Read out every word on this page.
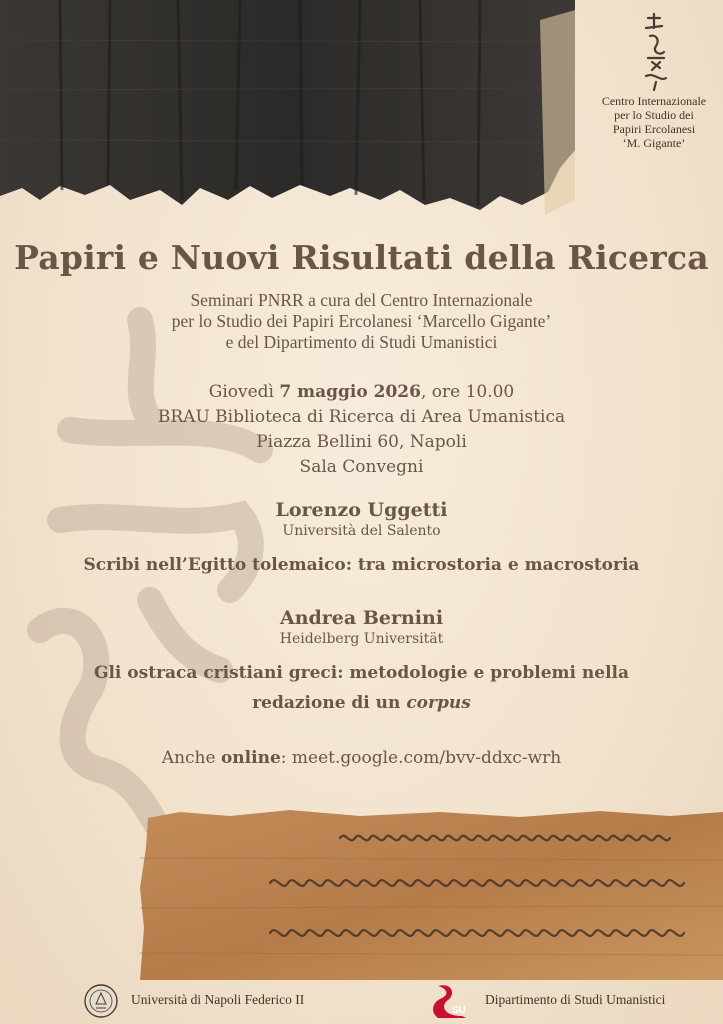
Centro Internazionale
per lo Studio dei
Papiri Ercolanesi
‘M. Gigante’
Papiri e Nuovi Risultati della Ricerca
Seminari PNRR a cura del Centro Internazionale
per lo Studio dei Papiri Ercolanesi ‘Marcello Gigante’
e del Dipartimento di Studi Umanistici
Giovedì 7 maggio 2026, ore 10.00
BRAU Biblioteca di Ricerca di Area Umanistica
Piazza Bellini 60, Napoli
Sala Convegni
Lorenzo Uggetti
Università del Salento
Scribi nell’Egitto tolemaico: tra microstoria e macrostoria
Andrea Bernini
Heidelberg Universität
Gli ostraca cristiani greci: metodologie e problemi nella
redazione di un corpus
Anche online: meet.google.com/bvv-ddxc-wrh
Università di Napoli Federico II
SU
Dipartimento di Studi Umanistici
